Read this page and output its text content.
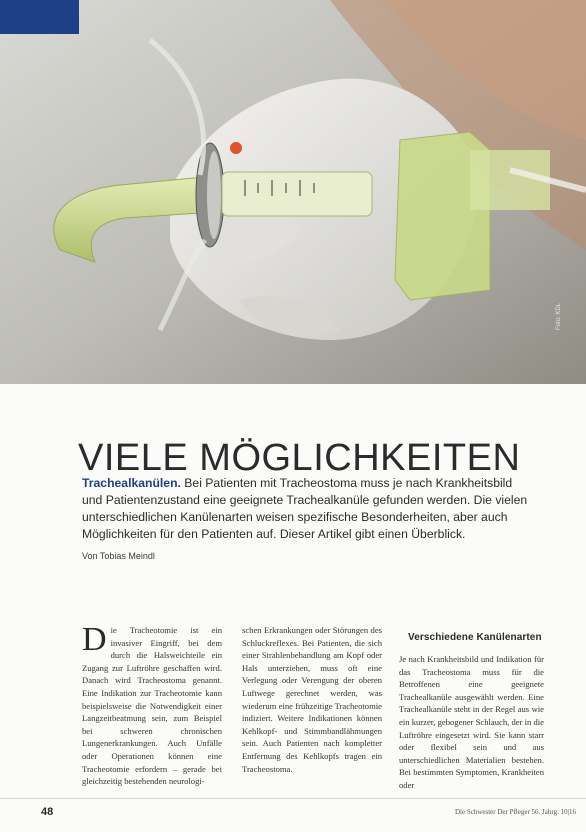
Foto: KDL
VIELE MÖGLICHKEITEN

Trachealkanülen. Bei Patienten mit Tracheostoma muss je nach Krankheitsbild und Patientenzustand eine geeignete Trachealkanüle gefunden werden. Die vielen unterschiedlichen Kanülenarten weisen spezifische Besonderheiten, aber auch Möglichkeiten für den Patienten auf. Dieser Artikel gibt einen Überblick.

Von Tobias Meindl
Die Tracheotomie ist ein invasiver Eingriff, bei dem durch die Halsweichteile ein Zugang zur Luftröhre geschaffen wird. Danach wird Tracheostoma genannt. Eine Indikation zur Tracheotomie kann beispielsweise die Notwendigkeit einer Langzeitbeatmung sein, zum Beispiel bei schweren chronischen Lungenerkrankungen. Auch Unfälle oder Operationen können eine Tracheotomie erfordern – gerade bei gleichzeitig bestehenden neurologi-
schen Erkrankungen oder Störungen des Schluckreflexes. Bei Patienten, die sich einer Strahlenbehandlung am Kopf oder Hals unterziehen, muss oft eine Verlegung oder Verengung der oberen Luftwege gerechnet werden, was wiederum eine frühzeitige Tracheotomie indiziert. Weitere Indikationen können Kehlkopf- und Stimmbandlähmungen sein. Auch Patienten nach kompletter Entfernung des Kehlkopfs tragen ein Tracheostoma.
Verschiedene Kanülenarten
Je nach Krankheitsbild und Indikation für das Tracheostoma muss für die Betroffenen eine geeignete Trachealkanüle ausgewählt werden. Eine Trachealkanüle steht in der Regel aus wie ein kurzer, gebogener Schlauch, der in die Luftröhre eingesetzt wird. Sie kann starr oder flexibel sein und aus unterschiedlichen Materialien bestehen. Bei bestimmten Symptomen, Krankheiten oder
48	Die Schwester Der Pfleger 56. Jahrg. 10|16
